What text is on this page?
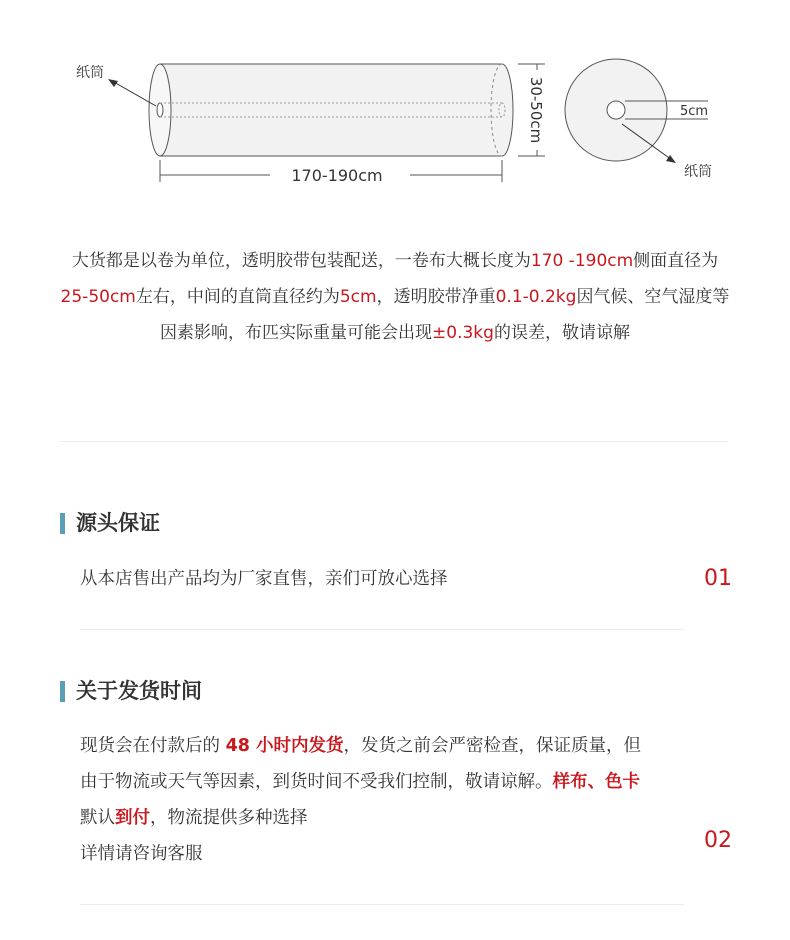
纸筒
170-190cm
30-50cm	5cm
纸筒
大货都是以卷为单位，透明胶带包装配送，一卷布大概长度为170 -190cm侧面直径为25-50cm左右，中间的直筒直径约为5cm，透明胶带净重0.1-0.2kg因气候、空气湿度等因素影响，布匹实际重量可能会出现±0.3kg的误差，敬请谅解
源头保证
从本店售出产品均为厂家直售，亲们可放心选择	01
关于发货时间
现货会在付款后的 48 小时内发货，发货之前会严密检查，保证质量，但
由于物流或天气等因素，到货时间不受我们控制，敬请谅解。样布、色卡
默认到付，物流提供多种选择
详情请咨询客服
02
